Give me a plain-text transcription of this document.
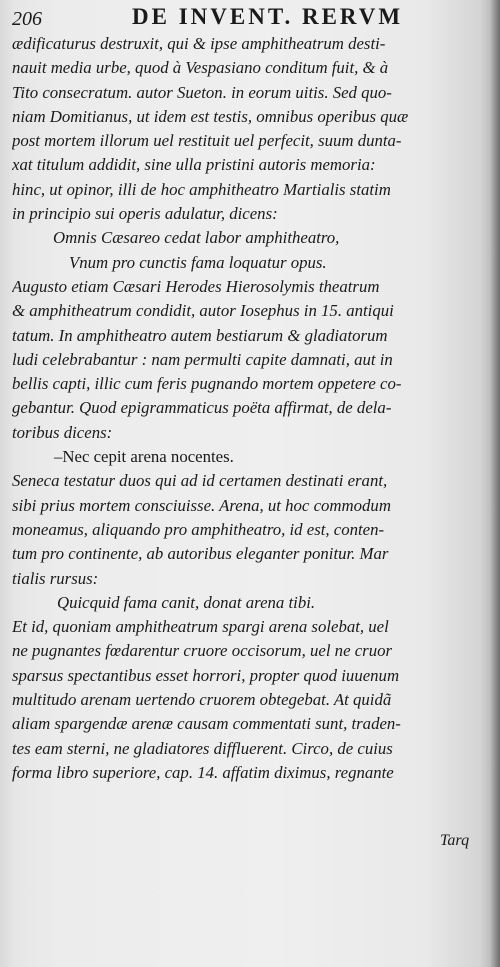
206	DE INVENT. RERVM
ædificaturus destruxit, qui & ipse amphitheatrum desti-
nauit media urbe, quod à Vespasiano conditum fuit, & à
Tito consecratum. autor Sueton. in eorum uitis. Sed quo-
niam Domitianus, ut idem est testis, omnibus operibus quæ
post mortem illorum uel restituit uel perfecit, suum dunta-
xat titulum addidit, sine ulla pristini autoris memoria:
hinc, ut opinor, illi de hoc amphitheatro Martialis statim
in principio sui operis adulatur, dicens:
Omnis Cæsareo cedat labor amphitheatro,
Vnum pro cunctis fama loquatur opus.
Augusto etiam Cæsari Herodes Hierosolymis theatrum
& amphitheatrum condidit, autor Iosephus in 15. antiqui
tatum. In amphitheatro autem bestiarum & gladiatorum
ludi celebrabantur : nam permulti capite damnati, aut in
bellis capti, illic cum feris pugnando mortem oppetere co-
gebantur. Quod epigrammaticus poëta affirmat, de dela-
toribus dicens:
–Nec cepit arena nocentes.
Seneca testatur duos qui ad id certamen destinati erant,
sibi prius mortem consciuisse. Arena, ut hoc commodum
moneamus, aliquando pro amphitheatro, id est, conten-
tum pro continente, ab autoribus eleganter ponitur. Mar
tialis rursus:
Quicquid fama canit, donat arena tibi.
Et id, quoniam amphitheatrum spargi arena solebat, uel
ne pugnantes fœdarentur cruore occisorum, uel ne cruor
sparsus spectantibus esset horrori, propter quod iuuenum
multitudo arenam uertendo cruorem obtegebat. At quidã
aliam spargendæ arenæ causam commentati sunt, traden-
tes eam sterni, ne gladiatores diffluerent. Circo, de cuius
forma libro superiore, cap. 14. affatim diximus, regnante
Tarq
